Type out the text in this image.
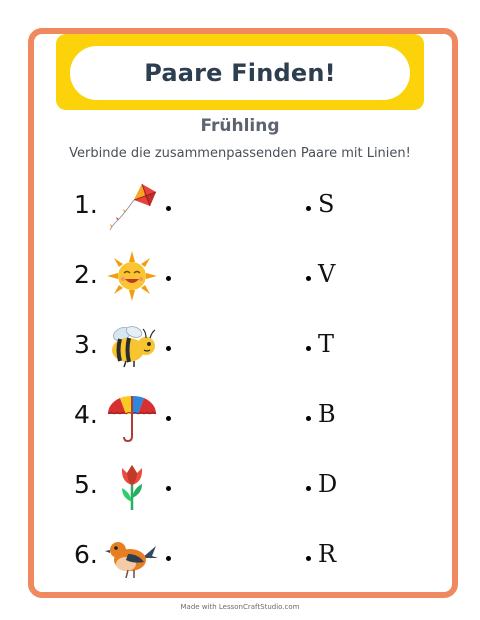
Paare Finden!
Frühling
Verbinde die zusammenpassenden Paare mit Linien!
1.	S
2.	V
3.	T
4.	B
5.	D
6.	R
Made with LessonCraftStudio.com
